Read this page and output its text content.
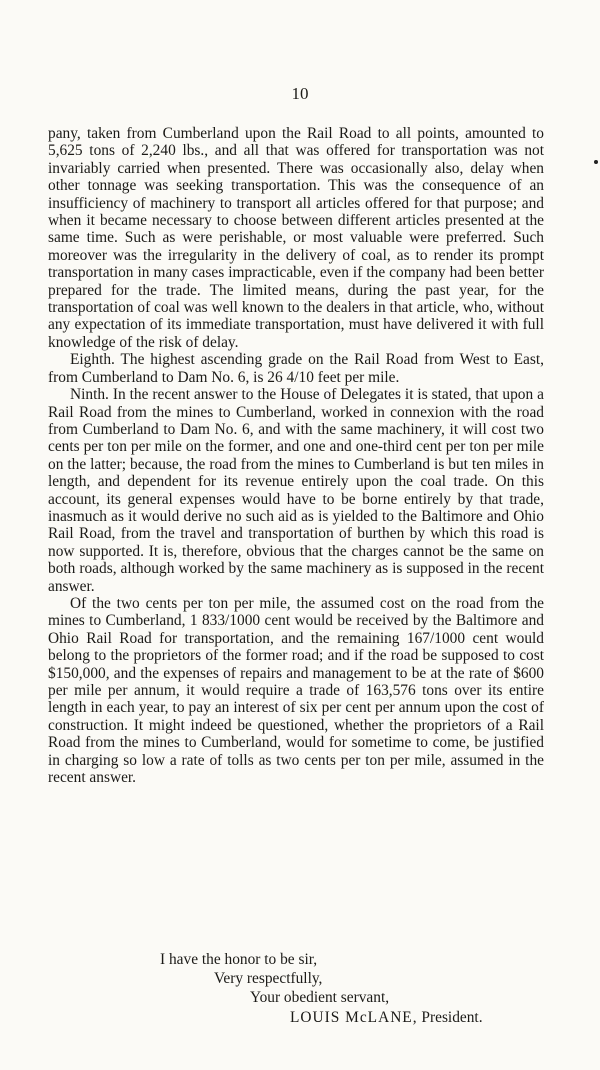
10

pany, taken from Cumberland upon the Rail Road to all points, amounted to 5,625 tons of 2,240 lbs., and all that was offered for transportation was not invariably carried when presented. There was occasionally also, delay when other tonnage was seeking transportation. This was the consequence of an insufficiency of machinery to transport all articles offered for that purpose; and when it became necessary to choose between different articles presented at the same time. Such as were perishable, or most valuable were preferred. Such moreover was the irregularity in the delivery of coal, as to render its prompt transportation in many cases impracticable, even if the company had been better prepared for the trade. The limited means, during the past year, for the transportation of coal was well known to the dealers in that article, who, without any expectation of its immediate transportation, must have delivered it with full knowledge of the risk of delay.

Eighth. The highest ascending grade on the Rail Road from West to East, from Cumberland to Dam No. 6, is 26 4/10 feet per mile.

Ninth. In the recent answer to the House of Delegates it is stated, that upon a Rail Road from the mines to Cumberland, worked in connexion with the road from Cumberland to Dam No. 6, and with the same machinery, it will cost two cents per ton per mile on the former, and one and one-third cent per ton per mile on the latter; because, the road from the mines to Cumberland is but ten miles in length, and dependent for its revenue entirely upon the coal trade. On this account, its general expenses would have to be borne entirely by that trade, inasmuch as it would derive no such aid as is yielded to the Baltimore and Ohio Rail Road, from the travel and transportation of burthen by which this road is now supported. It is, therefore, obvious that the charges cannot be the same on both roads, although worked by the same machinery as is supposed in the recent answer.

Of the two cents per ton per mile, the assumed cost on the road from the mines to Cumberland, 1 833/1000 cent would be received by the Baltimore and Ohio Rail Road for transportation, and the remaining 167/1000 cent would belong to the proprietors of the former road; and if the road be supposed to cost $150,000, and the expenses of repairs and management to be at the rate of $600 per mile per annum, it would require a trade of 163,576 tons over its entire length in each year, to pay an interest of six per cent per annum upon the cost of construction. It might indeed be questioned, whether the proprietors of a Rail Road from the mines to Cumberland, would for sometime to come, be justified in charging so low a rate of tolls as two cents per ton per mile, assumed in the recent answer.

I have the honor to be sir,
Very respectfully,
Your obedient servant,
LOUIS McLANE, President.
